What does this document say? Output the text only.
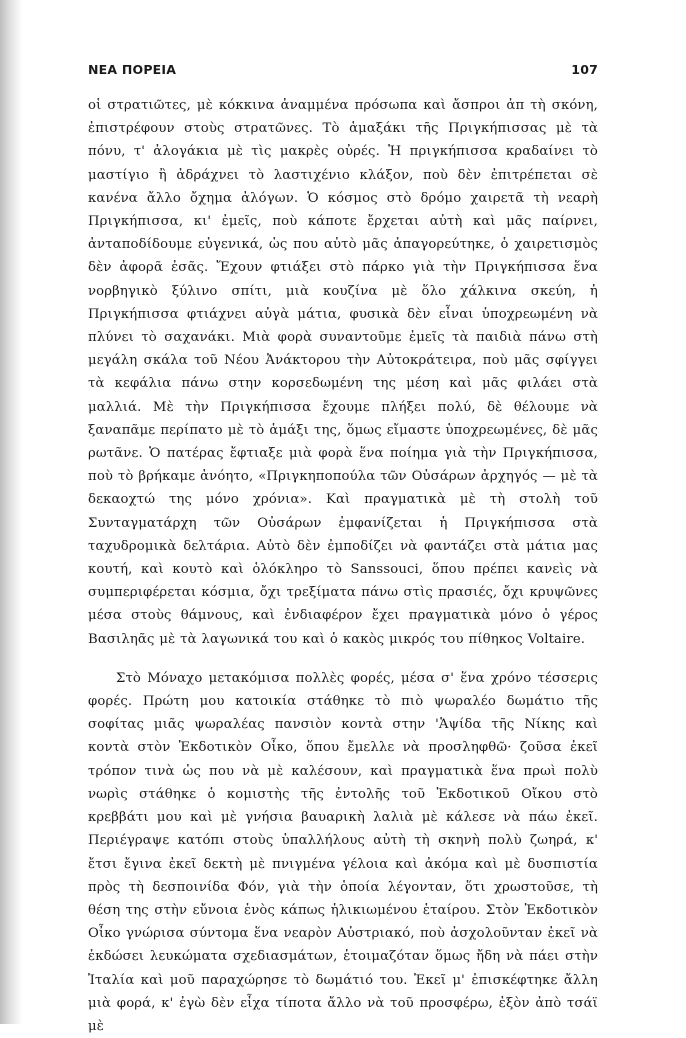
ΝΕΑ ΠΟΡΕΙΑ	107

οἱ στρατιῶτες, μὲ κόκκινα ἀναμμένα πρόσωπα καὶ ἄσπροι ἀπ τὴ σκόνη, ἐπιστρέφουν στοὺς στρατῶνες. Τὸ ἁμαξάκι τῆς Πριγκήπισσας μὲ τὰ πόνυ, τ' ἀλογάκια μὲ τὶς μακρὲς οὐρές. Ἡ πριγκήπισσα κραδαίνει τὸ μαστίγιο ἢ ἀδράχνει τὸ λαστιχένιο κλάξον, ποὺ δὲν ἐπιτρέπεται σὲ κανένα ἄλλο ὄχημα ἀλόγων. Ὁ κόσμος στὸ δρόμο χαιρετᾶ τὴ νεαρὴ Πριγκήπισσα, κι' ἐμεῖς, ποὺ κάποτε ἔρχεται αὐτὴ καὶ μᾶς παίρνει, ἀνταποδίδουμε εὐγενικά, ὡς που αὐτὸ μᾶς ἀπαγορεύτηκε, ὁ χαιρετισμὸς δὲν ἀφορᾶ ἐσᾶς. Ἔχουν φτιάξει στὸ πάρκο γιὰ τὴν Πριγκήπισσα ἕνα νορβηγικὸ ξύλινο σπίτι, μιὰ κουζίνα μὲ ὅλο χάλκινα σκεύη, ἡ Πριγκήπισσα φτιάχνει αὐγὰ μάτια, φυσικὰ δὲν εἶναι ὑποχρεωμένη νὰ πλύνει τὸ σαχανάκι. Μιὰ φορὰ συναντοῦμε ἐμεῖς τὰ παιδιὰ πάνω στὴ μεγάλη σκάλα τοῦ Νέου Ἀνάκτορου τὴν Αὐτοκράτειρα, ποὺ μᾶς σφίγγει τὰ κεφάλια πάνω στην κορσεδωμένη της μέση καὶ μᾶς φιλάει στὰ μαλλιά. Μὲ τὴν Πριγκήπισσα ἔχουμε πλήξει πολύ, δὲ θέλουμε νὰ ξαναπᾶμε περίπατο μὲ τὸ ἁμάξι της, ὅμως εἴμαστε ὑποχρεωμένες, δὲ μᾶς ρωτᾶνε. Ὁ πατέρας ἔφτιαξε μιὰ φορὰ ἕνα ποίημα γιὰ τὴν Πριγκήπισσα, ποὺ τὸ βρήκαμε ἀνόητο, «Πριγκηποπούλα τῶν Οὐσάρων ἀρχηγός — μὲ τὰ δεκαοχτώ της μόνο χρόνια». Καὶ πραγματικὰ μὲ τὴ στολὴ τοῦ Συνταγματάρχη τῶν Οὐσάρων ἐμφανίζεται ἡ Πριγκήπισσα στὰ ταχυδρομικὰ δελτάρια. Αὐτὸ δὲν ἐμποδίζει νὰ φαντάζει στὰ μάτια μας κουτή, καὶ κουτὸ καὶ ὁλόκληρο τὸ Sanssouci, ὅπου πρέπει κανεὶς νὰ συμπεριφέρεται κόσμια, ὄχι τρεξίματα πάνω στὶς πρασιές, ὄχι κρυψῶνες μέσα στοὺς θάμνους, καὶ ἐνδιαφέρον ἔχει πραγματικὰ μόνο ὁ γέρος Βασιληᾶς μὲ τὰ λαγωνικά του καὶ ὁ κακὸς μικρός του πίθηκος Voltaire.

Στὸ Μόναχο μετακόμισα πολλὲς φορές, μέσα σ' ἕνα χρόνο τέσσερις φορές. Πρώτη μου κατοικία στάθηκε τὸ πιὸ ψωραλέο δωμάτιο τῆς σοφίτας μιᾶς ψωραλέας πανσιὸν κοντὰ στην 'Ἁψίδα τῆς Νίκης καὶ κοντὰ στὸν Ἐκδοτικὸν Οἶκο, ὅπου ἔμελλε νὰ προσληφθῶ· ζοῦσα ἐκεῖ τρόπον τινὰ ὡς που νὰ μὲ καλέσουν, καὶ πραγματικὰ ἕνα πρωὶ πολὺ νωρὶς στάθηκε ὁ κομιστὴς τῆς ἐντολῆς τοῦ Ἐκδοτικοῦ Οἴκου στὸ κρεββάτι μου καὶ μὲ γνήσια βαυαρικὴ λαλιὰ μὲ κάλεσε νὰ πάω ἐκεῖ. Περιέγραψε κατόπι στοὺς ὑπαλλήλους αὐτὴ τὴ σκηνὴ πολὺ ζωηρά, κ' ἔτσι ἔγινα ἐκεῖ δεκτὴ μὲ πνιγμένα γέλοια καὶ ἀκόμα καὶ μὲ δυσπιστία πρὸς τὴ δεσποινίδα Φόν, γιὰ τὴν ὁποία λέγονταν, ὅτι χρωστοῦσε, τὴ θέση της στὴν εὔνοια ἑνὸς κάπως ἡλικιωμένου ἑταίρου. Στὸν Ἐκδοτικὸν Οἶκο γνώρισα σύντομα ἕνα νεαρὸν Αὐστριακό, ποὺ ἀσχολοῦνταν ἐκεῖ νὰ ἐκδώσει λευκώματα σχεδιασμάτων, ἑτοιμαζόταν ὅμως ἤδη νὰ πάει στὴν Ἰταλία καὶ μοῦ παραχώρησε τὸ δωμάτιό του. Ἐκεῖ μ' ἐπισκέφτηκε ἄλλη μιὰ φορά, κ' ἐγὼ δὲν εἶχα τίποτα ἄλλο νὰ τοῦ προσφέρω, ἐξὸν ἀπὸ τσάϊ μὲ
